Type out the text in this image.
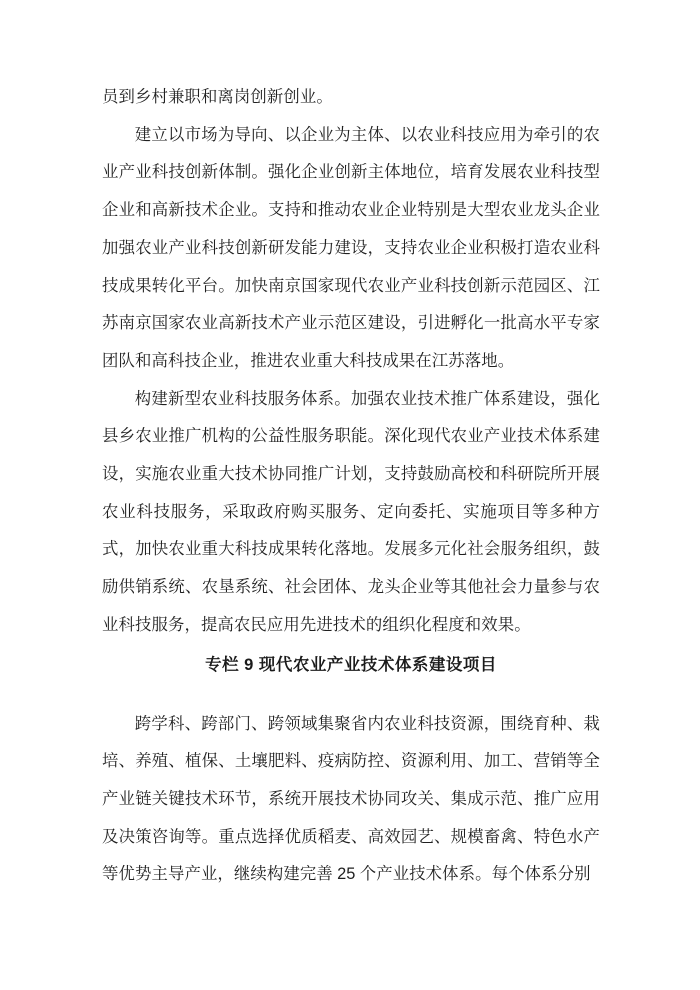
员到乡村兼职和离岗创新创业。

建立以市场为导向、以企业为主体、以农业科技应用为牵引的农业产业科技创新体制。强化企业创新主体地位，培育发展农业科技型企业和高新技术企业。支持和推动农业企业特别是大型农业龙头企业加强农业产业科技创新研发能力建设，支持农业企业积极打造农业科技成果转化平台。加快南京国家现代农业产业科技创新示范园区、江苏南京国家农业高新技术产业示范区建设，引进孵化一批高水平专家团队和高科技企业，推进农业重大科技成果在江苏落地。

构建新型农业科技服务体系。加强农业技术推广体系建设，强化县乡农业推广机构的公益性服务职能。深化现代农业产业技术体系建设，实施农业重大技术协同推广计划，支持鼓励高校和科研院所开展农业科技服务，采取政府购买服务、定向委托、实施项目等多种方式，加快农业重大科技成果转化落地。发展多元化社会服务组织，鼓励供销系统、农垦系统、社会团体、龙头企业等其他社会力量参与农业科技服务，提高农民应用先进技术的组织化程度和效果。

专栏 9 现代农业产业技术体系建设项目

跨学科、跨部门、跨领域集聚省内农业科技资源，围绕育种、栽培、养殖、植保、土壤肥料、疫病防控、资源利用、加工、营销等全产业链关键技术环节，系统开展技术协同攻关、集成示范、推广应用及决策咨询等。重点选择优质稻麦、高效园艺、规模畜禽、特色水产等优势主导产业，继续构建完善 25 个产业技术体系。每个体系分别
